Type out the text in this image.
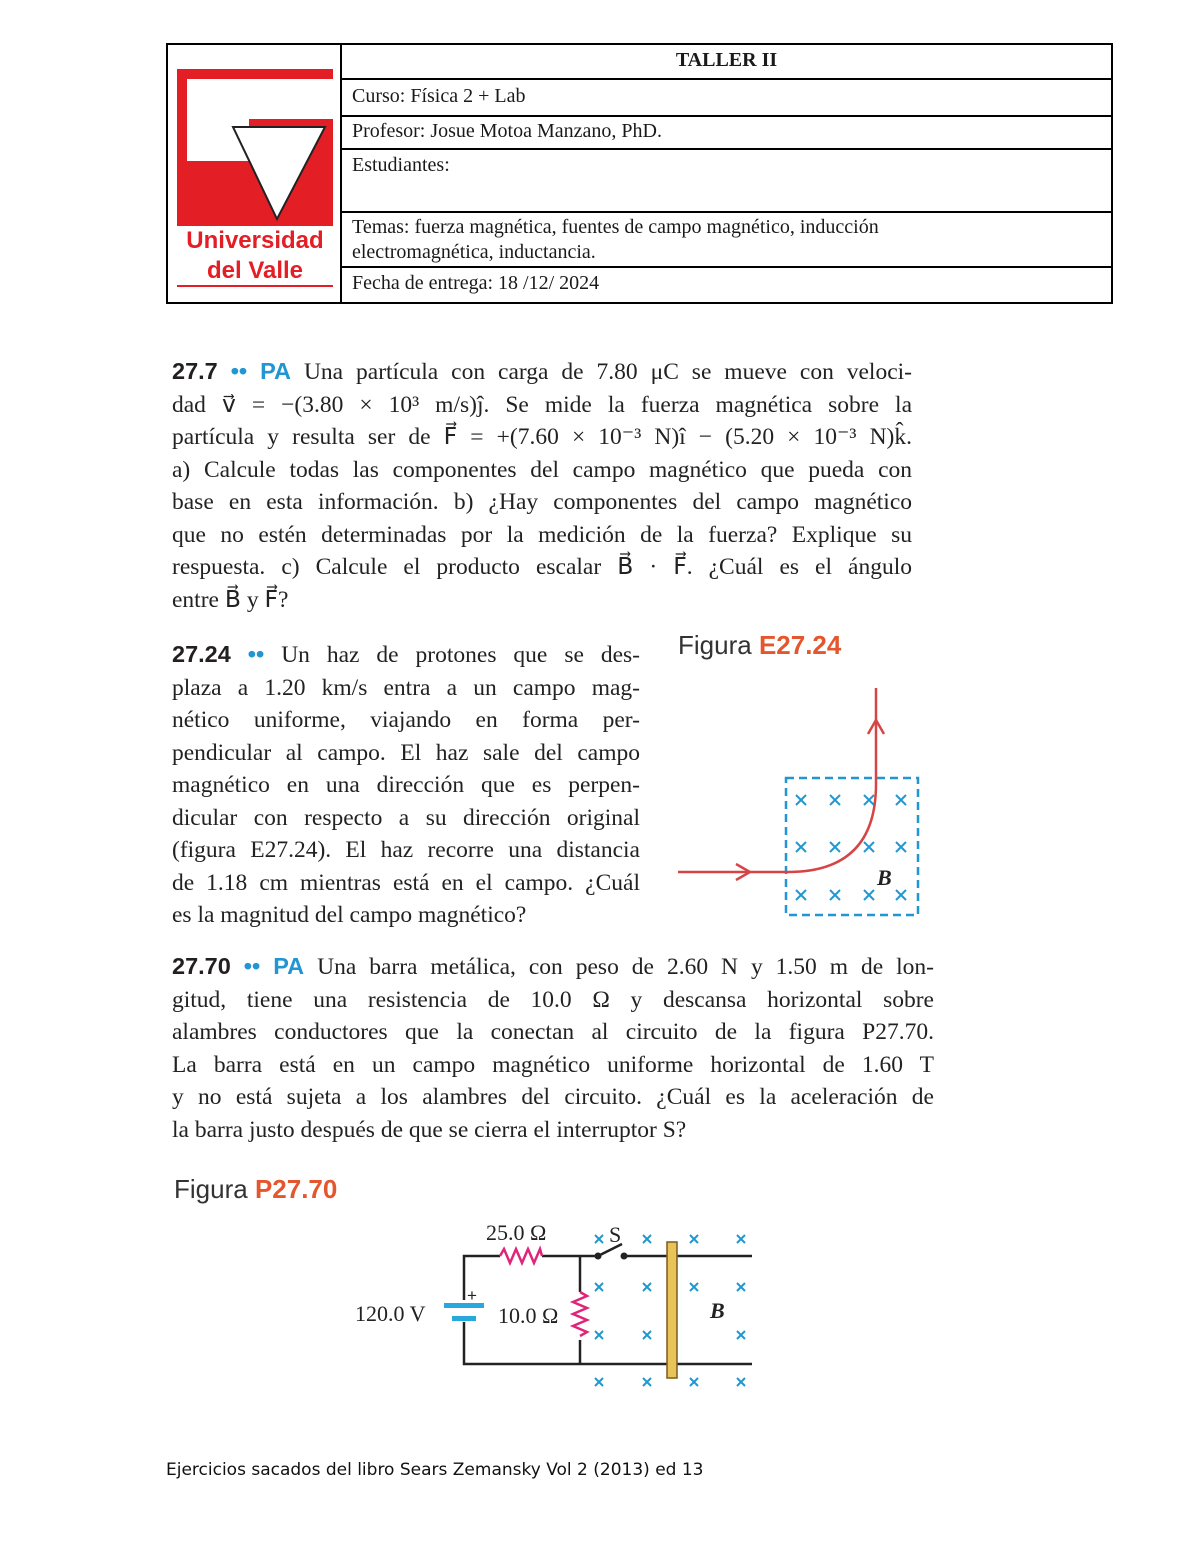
Universidad
del Valle
TALLER II
Curso: Física 2 + Lab
Profesor: Josue Motoa Manzano, PhD.
Estudiantes:
Temas: fuerza magnética, fuentes de campo magnético, inducción
electromagnética, inductancia.
Fecha de entrega: 18 /12/ 2024

27.7 •• PA Una partícula con carga de 7.80 μC se mueve con veloci-

dad v⃗ = −(3.80 × 10³ m/s)ĵ. Se mide la fuerza magnética sobre la

partícula y resulta ser de F⃗ = +(7.60 × 10⁻³ N)î − (5.20 × 10⁻³ N)k̂.

a) Calcule todas las componentes del campo magnético que pueda con

base en esta información. b) ¿Hay componentes del campo magnético

que no estén determinadas por la medición de la fuerza? Explique su

respuesta. c) Calcule el producto escalar B⃗ · F⃗. ¿Cuál es el ángulo

entre B⃗ y F⃗?

27.24 •• Un haz de protones que se des-

plaza a 1.20 km/s entra a un campo mag-

nético uniforme, viajando en forma per-

pendicular al campo. El haz sale del campo

magnético en una dirección que es perpen-

dicular con respecto a su dirección original

(figura E27.24). El haz recorre una distancia

de 1.18 cm mientras está en el campo. ¿Cuál

es la magnitud del campo magnético?

Figura E27.24
B⃗

27.70 •• PA Una barra metálica, con peso de 2.60 N y 1.50 m de lon-

gitud, tiene una resistencia de 10.0 Ω y descansa horizontal sobre

alambres conductores que la conectan al circuito de la figura P27.70.

La barra está en un campo magnético uniforme horizontal de 1.60 T

y no está sujeta a los alambres del circuito. ¿Cuál es la aceleración de

la barra justo después de que se cierra el interruptor S?

Figura P27.70
25.0 Ω
10.0 Ω
120.0 V
+
S
B⃗
Ejercicios sacados del libro Sears Zemansky Vol 2 (2013) ed 13
